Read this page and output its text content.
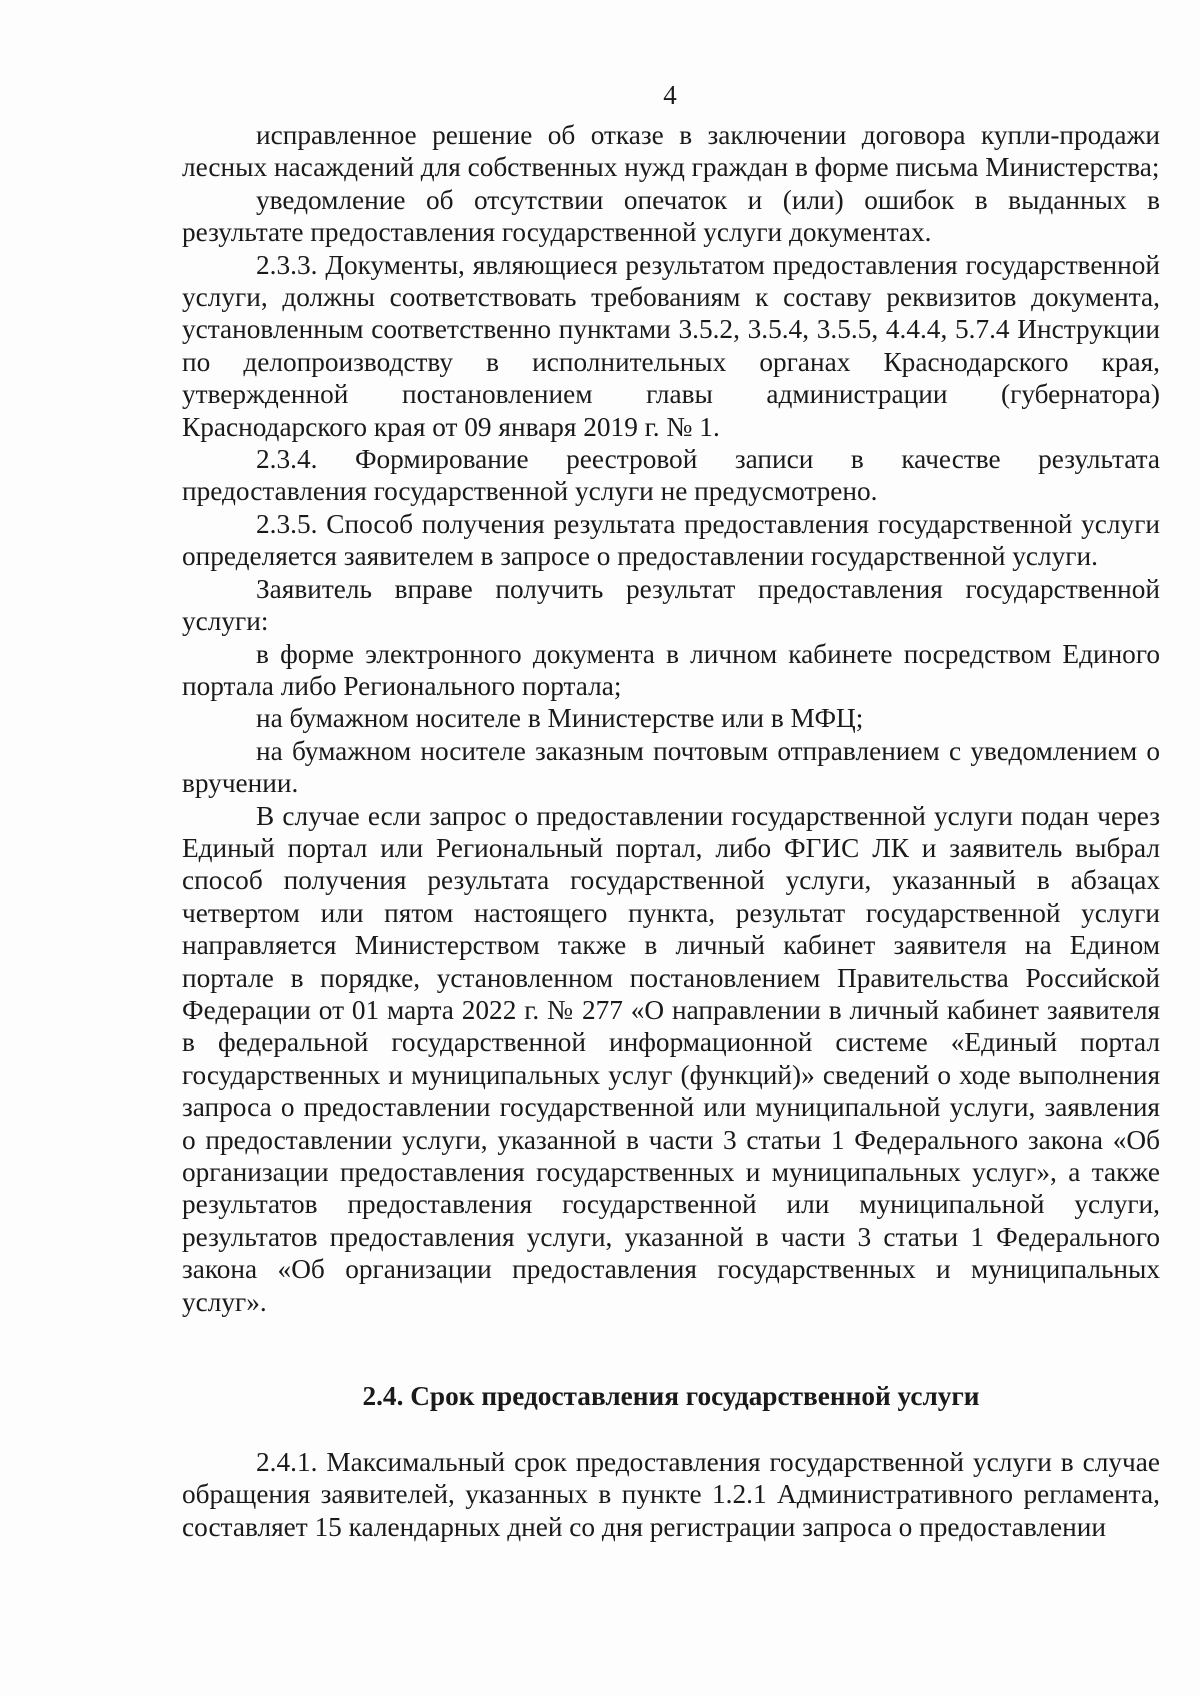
4

исправленное решение об отказе в заключении договора купли-продажи лесных насаждений для собственных нужд граждан в форме письма Министерства;

уведомление об отсутствии опечаток и (или) ошибок в выданных в результате предоставления государственной услуги документах.

2.3.3. Документы, являющиеся результатом предоставления государственной услуги, должны соответствовать требованиям к составу реквизитов документа, установленным соответственно пунктами 3.5.2, 3.5.4, 3.5.5, 4.4.4, 5.7.4 Инструкции по делопроизводству в исполнительных органах Краснодарского края, утвержденной постановлением главы администрации (губернатора) Краснодарского края от 09 января 2019 г. № 1.

2.3.4. Формирование реестровой записи в качестве результата предоставления государственной услуги не предусмотрено.

2.3.5. Способ получения результата предоставления государственной услуги определяется заявителем в запросе о предоставлении государственной услуги.

Заявитель вправе получить результат предоставления государственной услуги:

в форме электронного документа в личном кабинете посредством Единого портала либо Регионального портала;

на бумажном носителе в Министерстве или в МФЦ;

на бумажном носителе заказным почтовым отправлением с уведомлением о вручении.

В случае если запрос о предоставлении государственной услуги подан через Единый портал или Региональный портал, либо ФГИС ЛК и заявитель выбрал способ получения результата государственной услуги, указанный в абзацах четвертом или пятом настоящего пункта, результат государственной услуги направляется Министерством также в личный кабинет заявителя на Едином портале в порядке, установленном постановлением Правительства Российской Федерации от 01 марта 2022 г. № 277 «О направлении в личный кабинет заявителя в федеральной государственной информационной системе «Единый портал государственных и муниципальных услуг (функций)» сведений о ходе выполнения запроса о предоставлении государственной или муниципальной услуги, заявления о предоставлении услуги, указанной в части 3 статьи 1 Федерального закона «Об организации предоставления государственных и муниципальных услуг», а также результатов предоставления государственной или муниципальной услуги, результатов предоставления услуги, указанной в части 3 статьи 1 Федерального закона «Об организации предоставления государственных и муниципальных услуг».

2.4. Срок предоставления государственной услуги

2.4.1. Максимальный срок предоставления государственной услуги в случае обращения заявителей, указанных в пункте 1.2.1 Административного регламента, составляет 15 календарных дней со дня регистрации запроса о предоставлении
